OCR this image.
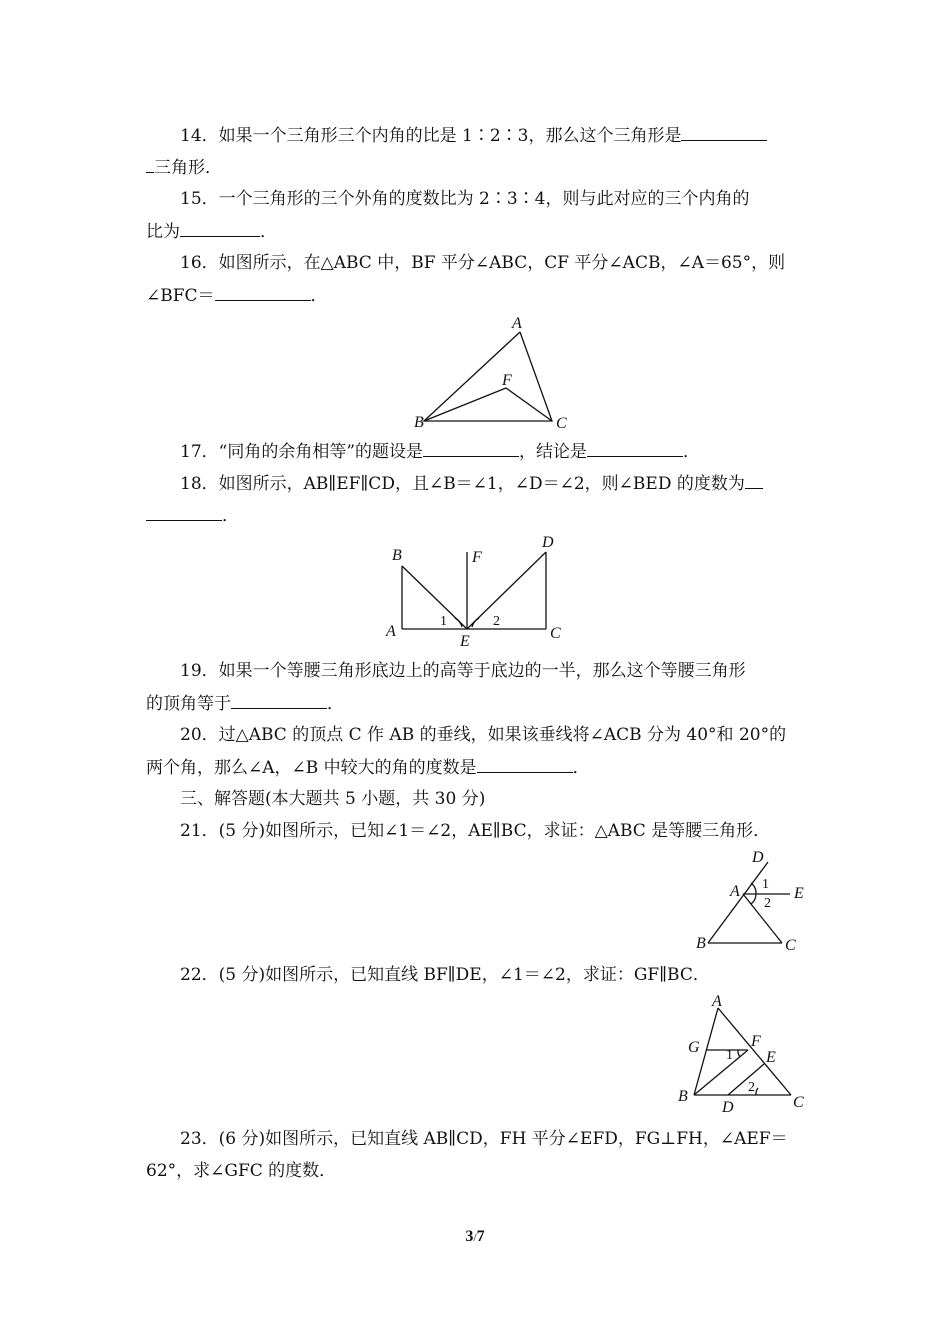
14．如果一个三角形三个内角的比是 1∶2∶3，那么这个三角形是
三角形．
15．一个三角形的三个外角的度数比为 2∶3∶4，则与此对应的三个内角的
比为	．
16．如图所示，在△ABC 中，BF 平分∠ABC，CF 平分∠ACB，∠A＝65°，则
∠BFC＝	．
A
B	C
F
17．“同角的余角相等”的题设是	，结论是	．
18．如图所示，AB∥EF∥CD，且∠B＝∠1，∠D＝∠2，则∠BED 的度数为
．
B
A
F
E
D
C
1	2
19．如果一个等腰三角形底边上的高等于底边的一半，那么这个等腰三角形
的顶角等于	．
20．过△ABC 的顶点 C 作 AB 的垂线，如果该垂线将∠ACB 分为 40°和 20°的
两个角，那么∠A，∠B 中较大的角的度数是	．
三、解答题(本大题共 5 小题，共 30 分)
21．(5 分)如图所示，已知∠1＝∠2，AE∥BC，求证：△ABC 是等腰三角形．
D
A	E
B	C
1
2
22．(5 分)如图所示，已知直线 BF∥DE，∠1＝∠2，求证：GF∥BC．
A
G	F
E
B
D	C
1
2
23．(6 分)如图所示，已知直线 AB∥CD，FH 平分∠EFD，FG⊥FH，∠AEF＝
62°，求∠GFC 的度数．
3/7
